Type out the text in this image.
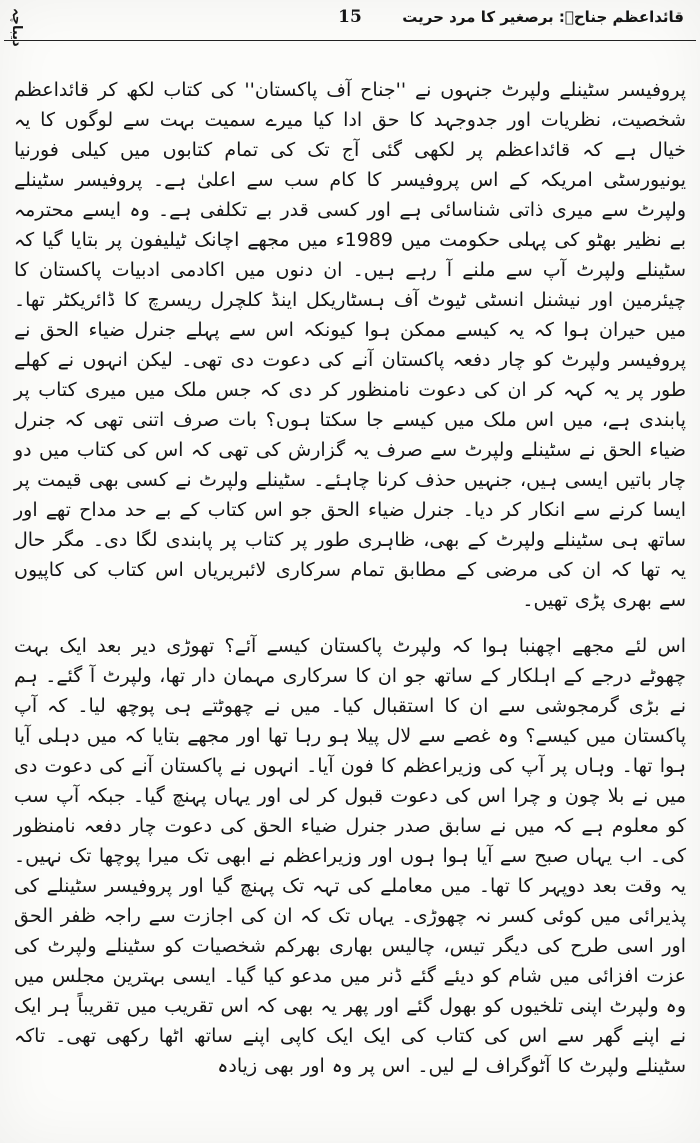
دیباچہ	15	قائداعظم جناحؒ: برصغیر کا مرد حریت

پروفیسر سٹینلے ولپرٹ جنہوں نے ''جناح آف پاکستان'' کی کتاب لکھ کر قائداعظم شخصیت، نظریات اور جدوجہد کا حق ادا کیا میرے سمیت بہت سے لوگوں کا یہ خیال ہے کہ قائداعظم پر لکھی گئی آج تک کی تمام کتابوں میں کیلی فورنیا یونیورسٹی امریکہ کے اس پروفیسر کا کام سب سے اعلیٰ ہے۔ پروفیسر سٹینلے ولپرٹ سے میری ذاتی شناسائی ہے اور کسی قدر بے تکلفی ہے۔ وہ ایسے محترمہ بے نظیر بھٹو کی پہلی حکومت میں 1989ء میں مجھے اچانک ٹیلیفون پر بتایا گیا کہ سٹینلے ولپرٹ آپ سے ملنے آ رہے ہیں۔ ان دنوں میں اکادمی ادبیات پاکستان کا چیئرمین اور نیشنل انسٹی ٹیوٹ آف ہسٹاریکل اینڈ کلچرل ریسرچ کا ڈائریکٹر تھا۔ میں حیران ہوا کہ یہ کیسے ممکن ہوا کیونکہ اس سے پہلے جنرل ضیاء الحق نے پروفیسر ولپرٹ کو چار دفعہ پاکستان آنے کی دعوت دی تھی۔ لیکن انہوں نے کھلے طور پر یہ کہہ کر ان کی دعوت نامنظور کر دی کہ جس ملک میں میری کتاب پر پابندی ہے، میں اس ملک میں کیسے جا سکتا ہوں؟ بات صرف اتنی تھی کہ جنرل ضیاء الحق نے سٹینلے ولپرٹ سے صرف یہ گزارش کی تھی کہ اس کی کتاب میں دو چار باتیں ایسی ہیں، جنہیں حذف کرنا چاہئے۔ سٹینلے ولپرٹ نے کسی بھی قیمت پر ایسا کرنے سے انکار کر دیا۔ جنرل ضیاء الحق جو اس کتاب کے بے حد مداح تھے اور ساتھ ہی سٹینلے ولپرٹ کے بھی، ظاہری طور پر کتاب پر پابندی لگا دی۔ مگر حال یہ تھا کہ ان کی مرضی کے مطابق تمام سرکاری لائبریریاں اس کتاب کی کاپیوں سے بھری پڑی تھیں۔

اس لئے مجھے اچھنبا ہوا کہ ولپرٹ پاکستان کیسے آئے؟ تھوڑی دیر بعد ایک بہت چھوٹے درجے کے اہلکار کے ساتھ جو ان کا سرکاری مہمان دار تھا، ولپرٹ آ گئے۔ ہم نے بڑی گرمجوشی سے ان کا استقبال کیا۔ میں نے چھوٹتے ہی پوچھ لیا۔ کہ آپ پاکستان میں کیسے؟ وہ غصے سے لال پیلا ہو رہا تھا اور مجھے بتایا کہ میں دہلی آیا ہوا تھا۔ وہاں پر آپ کی وزیراعظم کا فون آیا۔ انہوں نے پاکستان آنے کی دعوت دی میں نے بلا چون و چرا اس کی دعوت قبول کر لی اور یہاں پہنچ گیا۔ جبکہ آپ سب کو معلوم ہے کہ میں نے سابق صدر جنرل ضیاء الحق کی دعوت چار دفعہ نامنظور کی۔ اب یہاں صبح سے آیا ہوا ہوں اور وزیراعظم نے ابھی تک میرا پوچھا تک نہیں۔ یہ وقت بعد دوپہر کا تھا۔ میں معاملے کی تہہ تک پہنچ گیا اور پروفیسر سٹینلے کی پذیرائی میں کوئی کسر نہ چھوڑی۔ یہاں تک کہ ان کی اجازت سے راجہ ظفر الحق اور اسی طرح کی دیگر تیس، چالیس بھاری بھرکم شخصیات کو سٹینلے ولپرٹ کی عزت افزائی میں شام کو دیئے گئے ڈنر میں مدعو کیا گیا۔ ایسی بہترین مجلس میں وہ ولپرٹ اپنی تلخیوں کو بھول گئے اور پھر یہ بھی کہ اس تقریب میں تقریباً ہر ایک نے اپنے گھر سے اس کی کتاب کی ایک ایک کاپی اپنے ساتھ اٹھا رکھی تھی۔ تاکہ سٹینلے ولپرٹ کا آٹوگراف لے لیں۔ اس پر وہ اور بھی زیادہ
